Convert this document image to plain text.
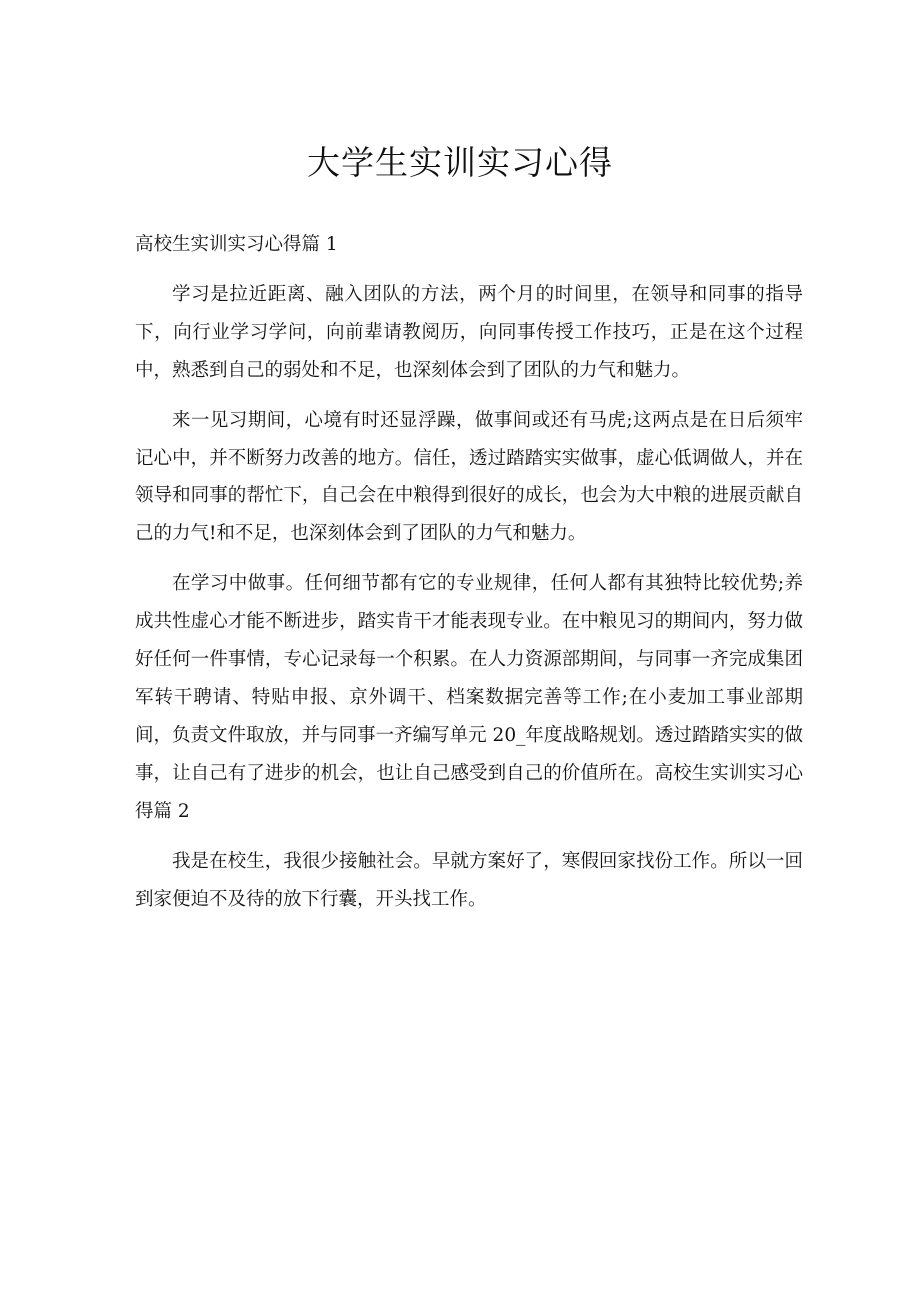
大学生实训实习心得
高校生实训实习心得篇 1

学习是拉近距离、融入团队的方法，两个月的时间里，在领导和同事的指导下，向行业学习学问，向前辈请教阅历，向同事传授工作技巧，正是在这个过程中，熟悉到自己的弱处和不足，也深刻体会到了团队的力气和魅力。

来一见习期间，心境有时还显浮躁，做事间或还有马虎;这两点是在日后须牢记心中，并不断努力改善的地方。信任，透过踏踏实实做事，虚心低调做人，并在领导和同事的帮忙下，自己会在中粮得到很好的成长，也会为大中粮的进展贡献自己的力气!和不足，也深刻体会到了团队的力气和魅力。

在学习中做事。任何细节都有它的专业规律，任何人都有其独特比较优势;养成共性虚心才能不断进步，踏实肯干才能表现专业。在中粮见习的期间内，努力做好任何一件事情，专心记录每一个积累。在人力资源部期间，与同事一齐完成集团军转干聘请、特贴申报、京外调干、档案数据完善等工作;在小麦加工事业部期间，负责文件取放，并与同事一齐编写单元 20_年度战略规划。透过踏踏实实的做事，让自己有了进步的机会，也让自己感受到自己的价值所在。高校生实训实习心得篇 2

我是在校生，我很少接触社会。早就方案好了，寒假回家找份工作。所以一回到家便迫不及待的放下行囊，开头找工作。
